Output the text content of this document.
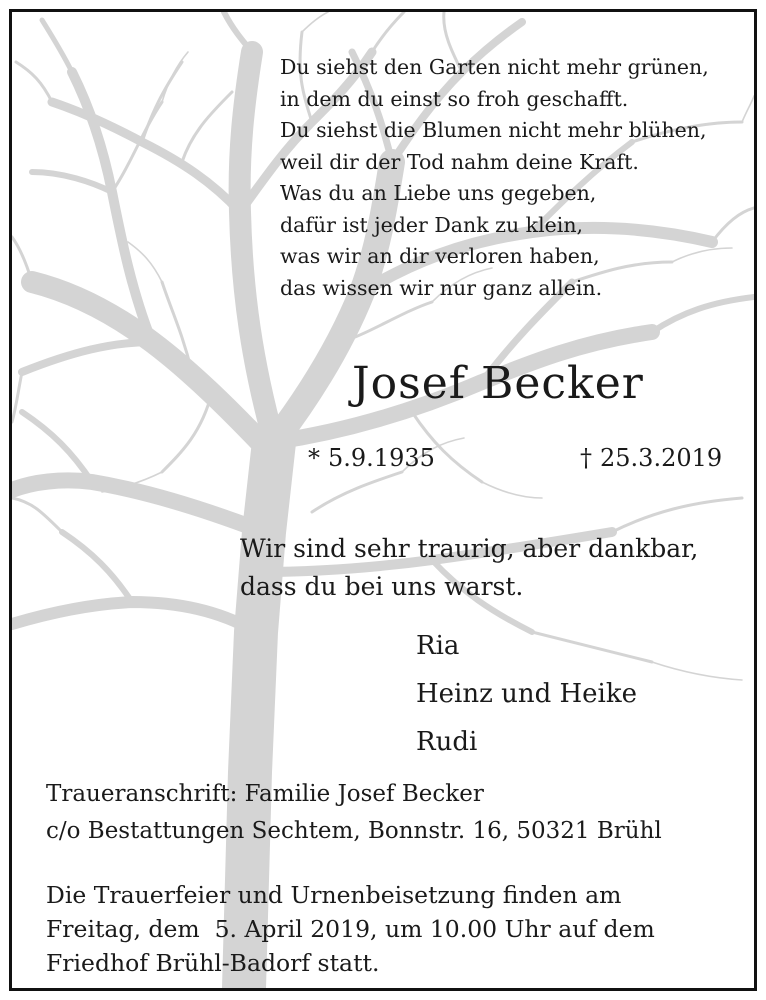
Du siehst den Garten nicht mehr grünen,
in dem du einst so froh geschafft.
Du siehst die Blumen nicht mehr blühen,
weil dir der Tod nahm deine Kraft.
Was du an Liebe uns gegeben,
dafür ist jeder Dank zu klein,
was wir an dir verloren haben,
das wissen wir nur ganz allein.
Josef Becker
* 5.9.1935	† 25.3.2019
Wir sind sehr traurig, aber dankbar,
dass du bei uns warst.
Ria
Heinz und Heike
Rudi
Traueranschrift: Familie Josef Becker
c/o Bestattungen Sechtem, Bonnstr. 16, 50321 Brühl
Die Trauerfeier und Urnenbeisetzung finden am
Freitag, dem  5. April 2019, um 10.00 Uhr auf dem
Friedhof Brühl-Badorf statt.
